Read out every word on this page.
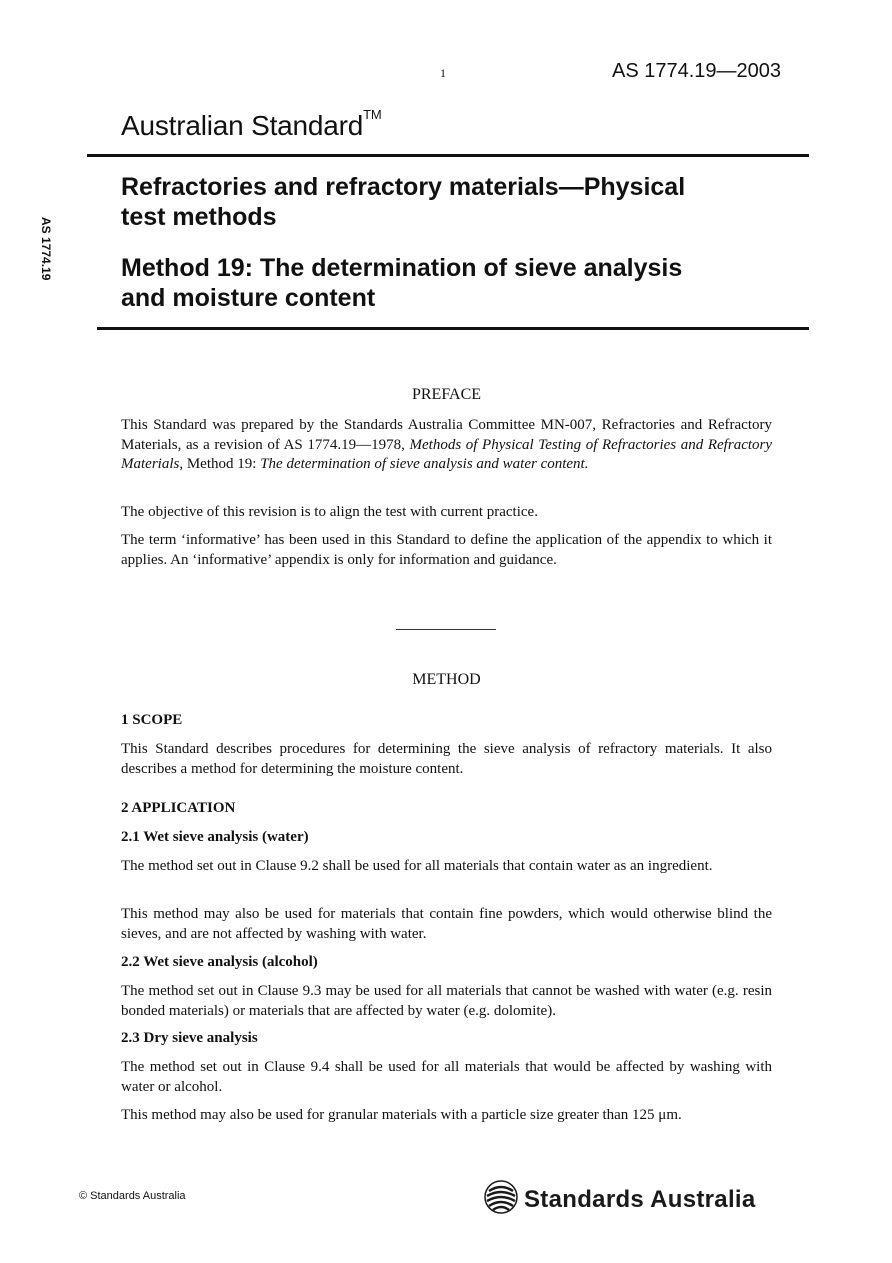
1	AS 1774.19—2003
Australian Standard™
AS 1774.19
Refractories and refractory materials—Physical
test methods
Method 19: The determination of sieve analysis
and moisture content
PREFACE
This Standard was prepared by the Standards Australia Committee MN-007, Refractories and Refractory Materials, as a revision of AS 1774.19—1978, Methods of Physical Testing of Refractories and Refractory Materials, Method 19: The determination of sieve analysis and water content.
The objective of this revision is to align the test with current practice.
The term ‘informative’ has been used in this Standard to define the application of the appendix to which it applies. An ‘informative’ appendix is only for information and guidance.
METHOD
1 SCOPE
This Standard describes procedures for determining the sieve analysis of refractory materials. It also describes a method for determining the moisture content.
2 APPLICATION
2.1 Wet sieve analysis (water)
The method set out in Clause 9.2 shall be used for all materials that contain water as an ingredient.
This method may also be used for materials that contain fine powders, which would otherwise blind the sieves, and are not affected by washing with water.
2.2 Wet sieve analysis (alcohol)
The method set out in Clause 9.3 may be used for all materials that cannot be washed with water (e.g. resin bonded materials) or materials that are affected by water (e.g. dolomite).
2.3 Dry sieve analysis
The method set out in Clause 9.4 shall be used for all materials that would be affected by washing with water or alcohol.
This method may also be used for granular materials with a particle size greater than 125 μm.
© Standards Australia	Standards Australia
